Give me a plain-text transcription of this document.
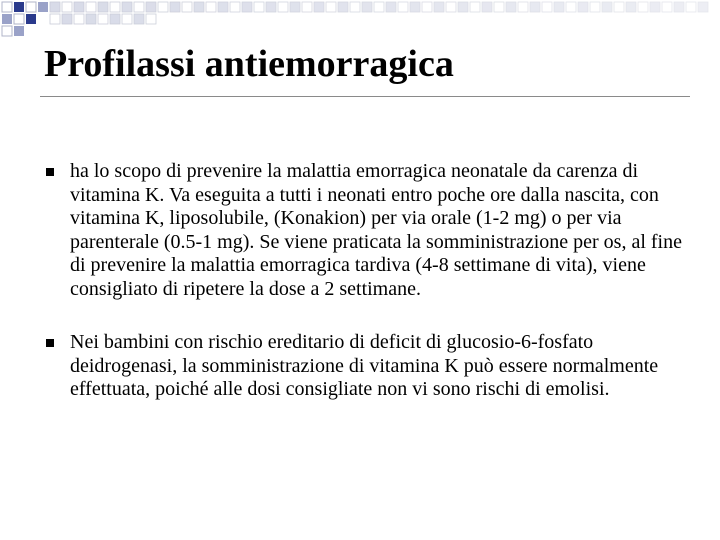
Profilassi antiemorragica
ha lo scopo di prevenire la malattia emorragica neonatale da carenza di vitamina K. Va eseguita a tutti i neonati entro poche ore dalla nascita, con vitamina K, liposolubile, (Konakion) per via orale (1-2 mg) o per via parenterale (0.5-1 mg). Se viene praticata la somministrazione per os, al fine di prevenire la malattia emorragica tardiva (4-8 settimane di vita), viene consigliato di ripetere la dose a 2 settimane.
Nei bambini con rischio ereditario di deficit di glucosio-6-fosfato deidrogenasi, la somministrazione di vitamina K può essere normalmente effettuata, poiché alle dosi consigliate non vi sono rischi di emolisi.
